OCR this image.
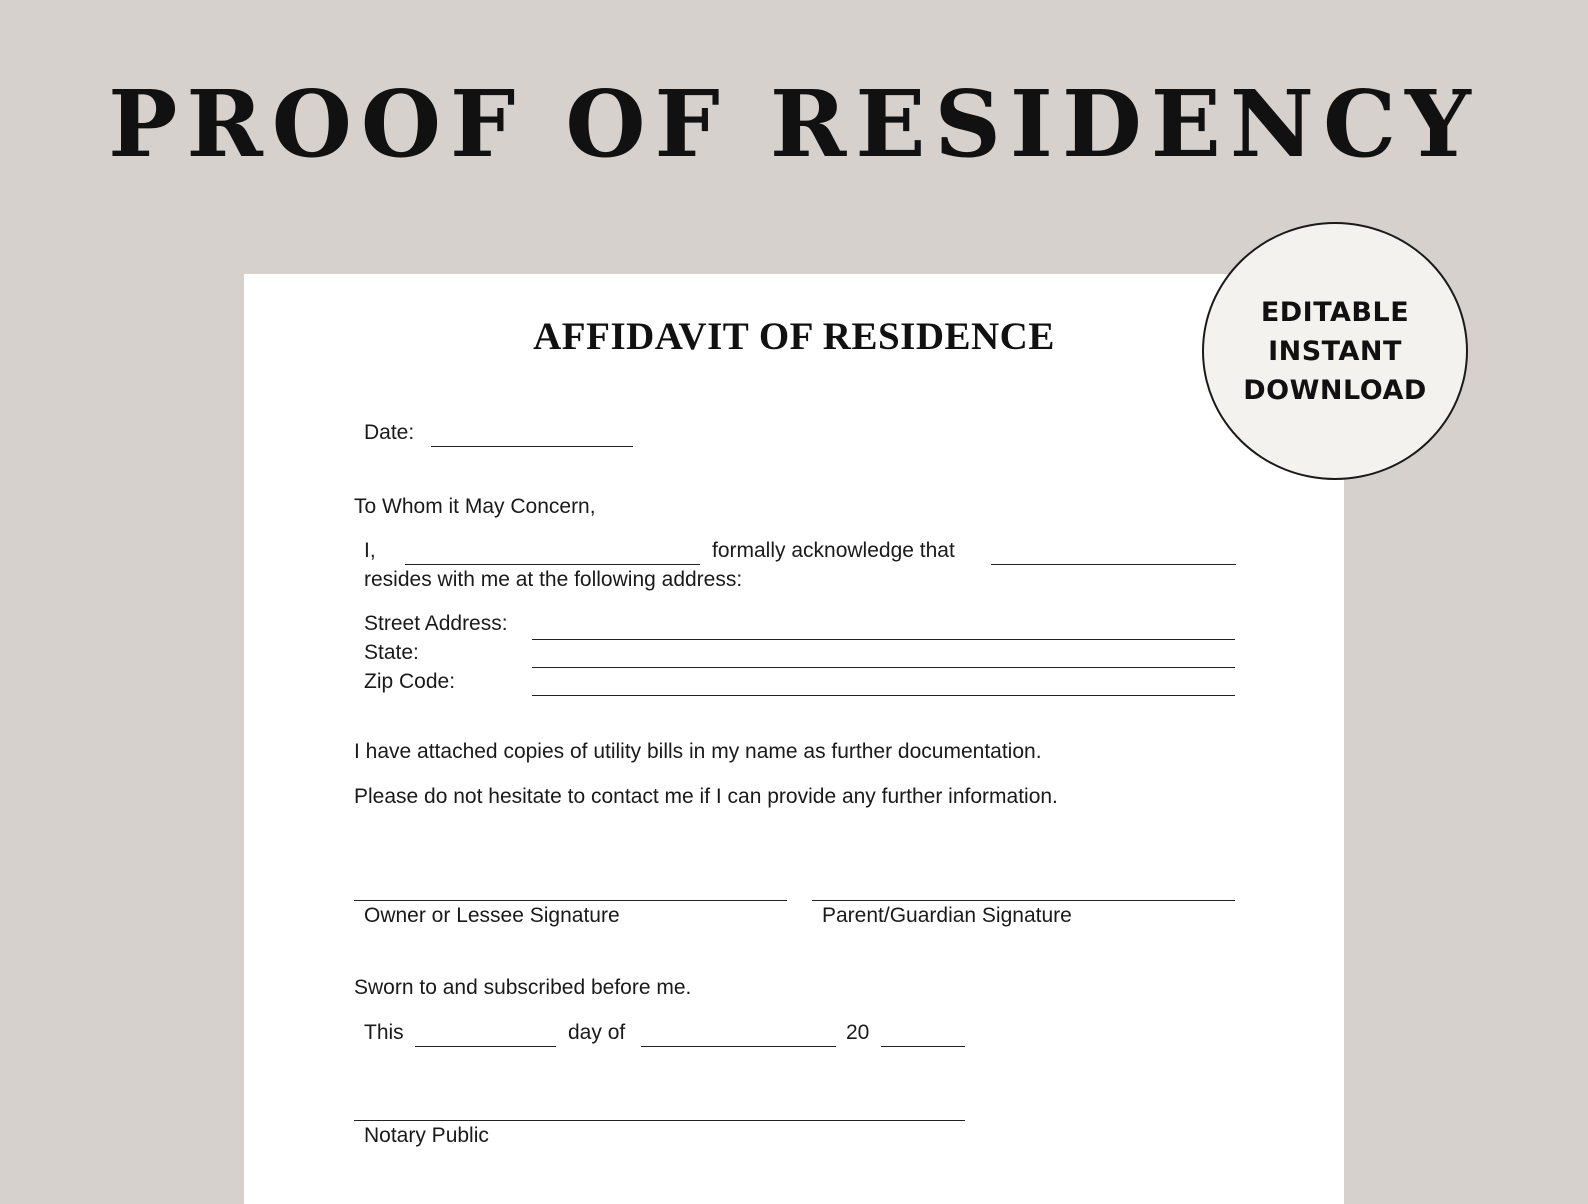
PROOF OF RESIDENCY
AFFIDAVIT OF RESIDENCE
Date:
To Whom it May Concern,
I,	formally acknowledge that
resides with me at the following address:
Street Address:
State:
Zip Code:
I have attached copies of utility bills in my name as further documentation.
Please do not hesitate to contact me if I can provide any further information.
Owner or Lessee Signature	Parent/Guardian Signature
Sworn to and subscribed before me.
This	day of	20
Notary Public
EDITABLE
INSTANT
DOWNLOAD
